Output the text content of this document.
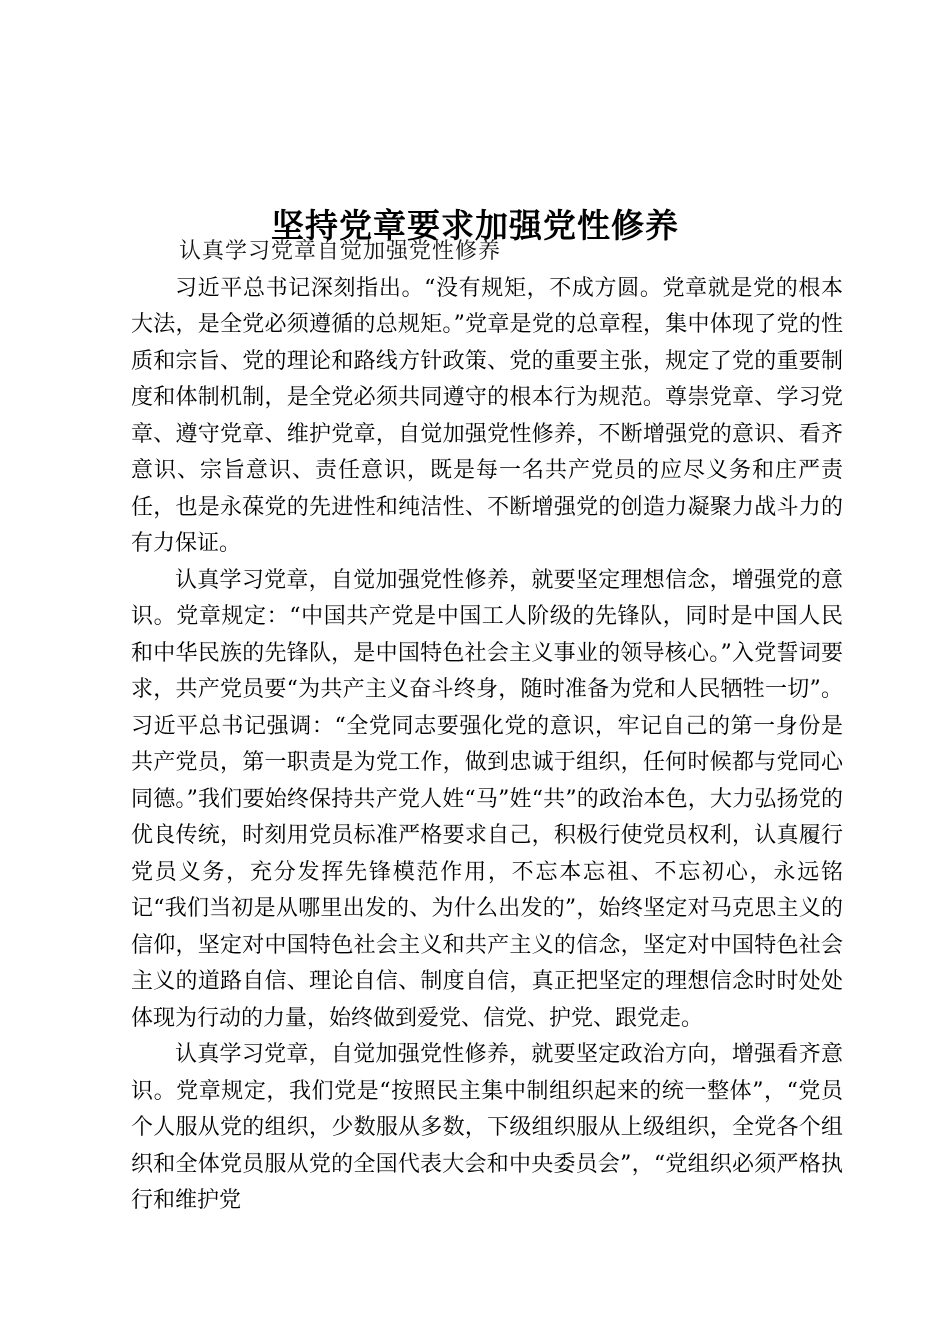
坚持党章要求加强党性修养
认真学习党章自觉加强党性修养

习近平总书记深刻指出。“没有规矩，不成方圆。党章就是党的根本大法，是全党必须遵循的总规矩。”党章是党的总章程，集中体现了党的性质和宗旨、党的理论和路线方针政策、党的重要主张，规定了党的重要制度和体制机制，是全党必须共同遵守的根本行为规范。尊崇党章、学习党章、遵守党章、维护党章，自觉加强党性修养，不断增强党的意识、看齐意识、宗旨意识、责任意识，既是每一名共产党员的应尽义务和庄严责任，也是永葆党的先进性和纯洁性、不断增强党的创造力凝聚力战斗力的有力保证。

认真学习党章，自觉加强党性修养，就要坚定理想信念，增强党的意识。党章规定：“中国共产党是中国工人阶级的先锋队，同时是中国人民和中华民族的先锋队，是中国特色社会主义事业的领导核心。”入党誓词要求，共产党员要“为共产主义奋斗终身，随时准备为党和人民牺牲一切”。习近平总书记强调：“全党同志要强化党的意识，牢记自己的第一身份是共产党员，第一职责是为党工作，做到忠诚于组织，任何时候都与党同心同德。”我们要始终保持共产党人姓“马”姓“共”的政治本色，大力弘扬党的优良传统，时刻用党员标准严格要求自己，积极行使党员权利，认真履行党员义务，充分发挥先锋模范作用，不忘本忘祖、不忘初心，永远铭记“我们当初是从哪里出发的、为什么出发的”，始终坚定对马克思主义的信仰，坚定对中国特色社会主义和共产主义的信念，坚定对中国特色社会主义的道路自信、理论自信、制度自信，真正把坚定的理想信念时时处处体现为行动的力量，始终做到爱党、信党、护党、跟党走。

认真学习党章，自觉加强党性修养，就要坚定政治方向，增强看齐意识。党章规定，我们党是“按照民主集中制组织起来的统一整体”，“党员个人服从党的组织，少数服从多数，下级组织服从上级组织，全党各个组织和全体党员服从党的全国代表大会和中央委员会”，“党组织必须严格执行和维护党
